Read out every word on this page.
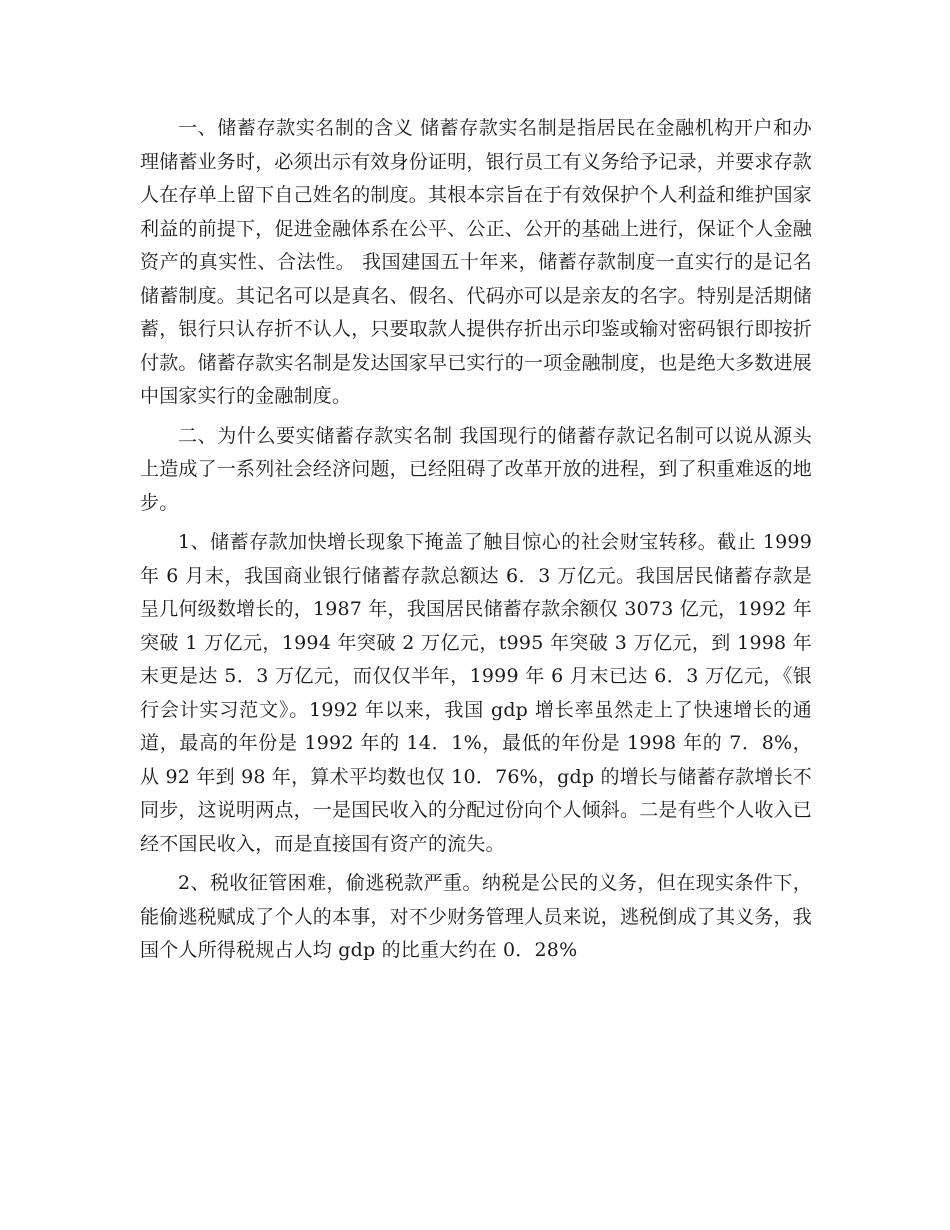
一、储蓄存款实名制的含义 储蓄存款实名制是指居民在金融机构开户和办理储蓄业务时，必须出示有效身份证明，银行员工有义务给予记录，并要求存款人在存单上留下自己姓名的制度。其根本宗旨在于有效保护个人利益和维护国家利益的前提下，促进金融体系在公平、公正、公开的基础上进行，保证个人金融资产的真实性、合法性。 我国建国五十年来，储蓄存款制度一直实行的是记名储蓄制度。其记名可以是真名、假名、代码亦可以是亲友的名字。特别是活期储蓄，银行只认存折不认人，只要取款人提供存折出示印鉴或输对密码银行即按折付款。储蓄存款实名制是发达国家早已实行的一项金融制度，也是绝大多数进展中国家实行的金融制度。

二、为什么要实储蓄存款实名制 我国现行的储蓄存款记名制可以说从源头上造成了一系列社会经济问题，已经阻碍了改革开放的进程，到了积重难返的地步。

1、储蓄存款加快增长现象下掩盖了触目惊心的社会财宝转移。截止 1999 年 6 月末，我国商业银行储蓄存款总额达 6．3 万亿元。我国居民储蓄存款是呈几何级数增长的，1987 年，我国居民储蓄存款余额仅 3073 亿元，1992 年突破 1 万亿元，1994 年突破 2 万亿元，t995 年突破 3 万亿元，到 1998 年末更是达 5．3 万亿元，而仅仅半年，1999 年 6 月末已达 6．3 万亿元，《银行会计实习范文》。1992 年以来，我国 gdp 增长率虽然走上了快速增长的通道，最高的年份是 1992 年的 14．1%，最低的年份是 1998 年的 7．8%，从 92 年到 98 年，算术平均数也仅 10．76%，gdp 的增长与储蓄存款增长不同步，这说明两点，一是国民收入的分配过份向个人倾斜。二是有些个人收入已经不国民收入，而是直接国有资产的流失。

2、税收征管困难，偷逃税款严重。纳税是公民的义务，但在现实条件下，能偷逃税赋成了个人的本事，对不少财务管理人员来说，逃税倒成了其义务，我国个人所得税规占人均 gdp 的比重大约在 0．28%
